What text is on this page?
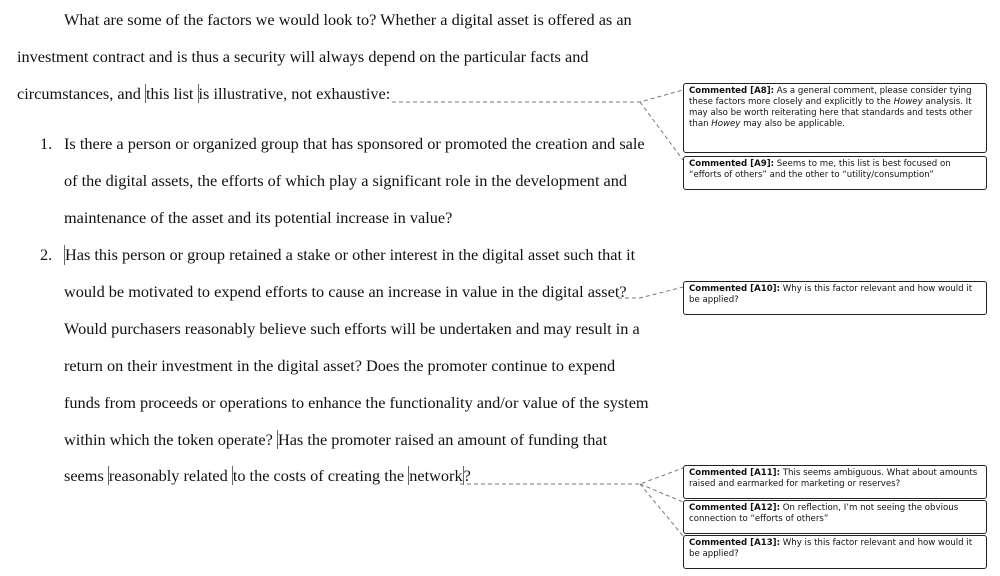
What are some of the factors we would look to? Whether a digital asset is offered as an
investment contract and is thus a security will always depend on the particular facts and
circumstances, and this list is illustrative, not exhaustive:
1. Is there a person or organized group that has sponsored or promoted the creation and sale
of the digital assets, the efforts of which play a significant role in the development and
maintenance of the asset and its potential increase in value?
2. Has this person or group retained a stake or other interest in the digital asset such that it
would be motivated to expend efforts to cause an increase in value in the digital asset?
Would purchasers reasonably believe such efforts will be undertaken and may result in a
return on their investment in the digital asset? Does the promoter continue to expend
funds from proceeds or operations to enhance the functionality and/or value of the system
within which the token operate? Has the promoter raised an amount of funding that
seems reasonably related to the costs of creating the network?
Commented [A8]: As a general comment, please consider tying these factors more closely and explicitly to the Howey analysis. It may also be worth reiterating here that standards and tests other than Howey may also be applicable.
Commented [A9]: Seems to me, this list is best focused on “efforts of others” and the other to “utility/consumption”
Commented [A10]: Why is this factor relevant and how would it be applied?
Commented [A11]: This seems ambiguous. What about amounts raised and earmarked for marketing or reserves?
Commented [A12]: On reflection, I’m not seeing the obvious connection to “efforts of others”
Commented [A13]: Why is this factor relevant and how would it be applied?
